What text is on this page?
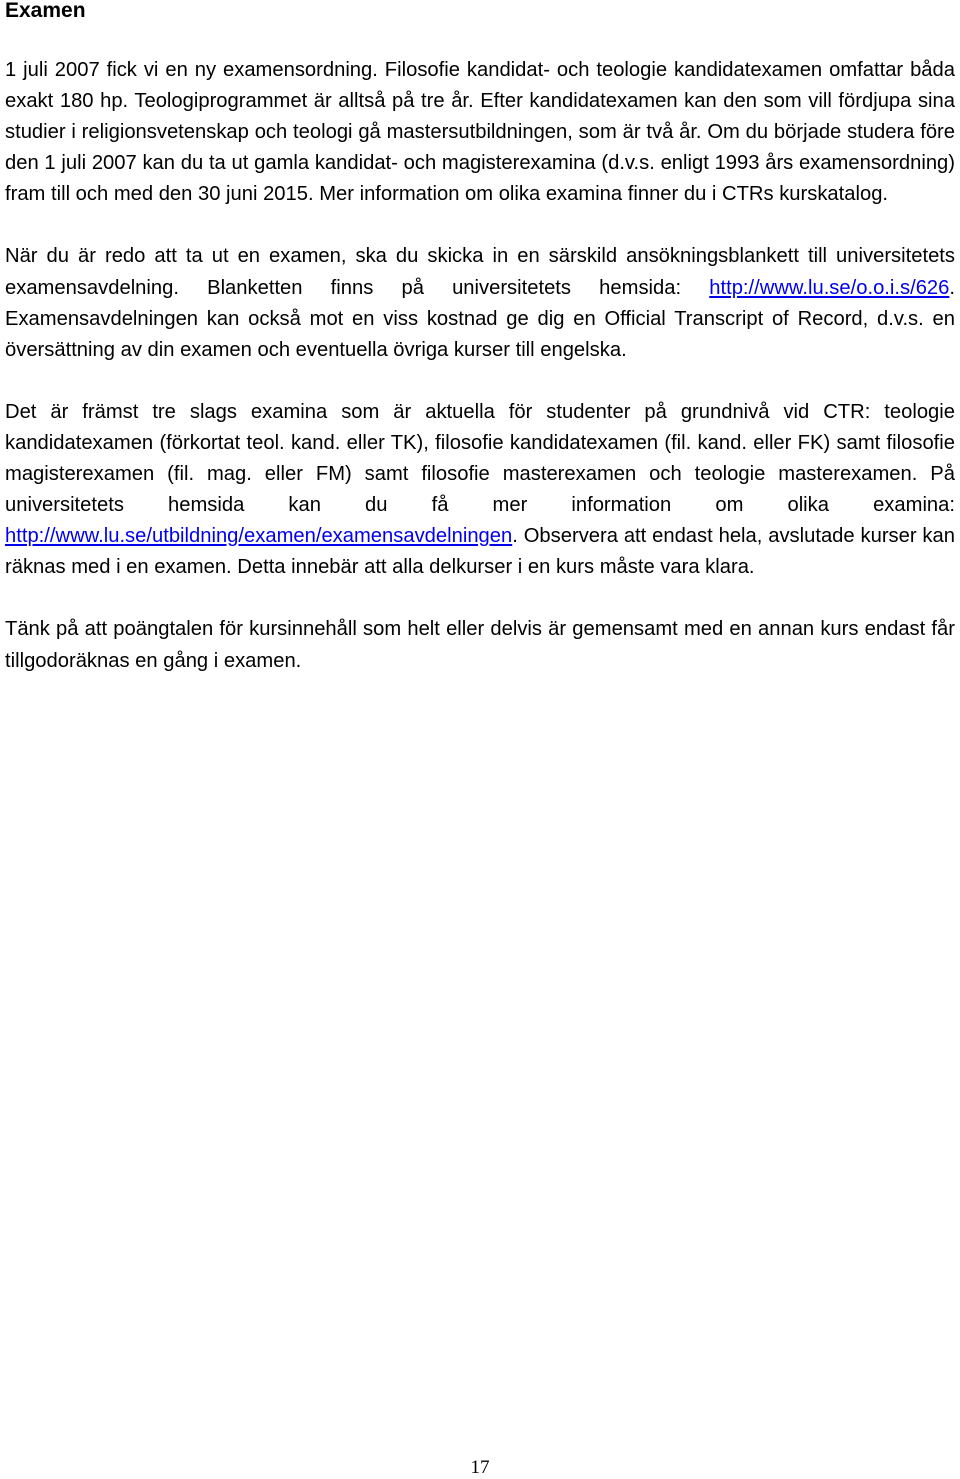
Examen

1 juli 2007 fick vi en ny examensordning. Filosofie kandidat- och teologie kandidatexamen omfattar båda exakt 180 hp. Teologiprogrammet är alltså på tre år. Efter kandidatexamen kan den som vill fördjupa sina studier i religionsvetenskap och teologi gå mastersutbildningen, som är två år. Om du började studera före den 1 juli 2007 kan du ta ut gamla kandidat- och magisterexamina (d.v.s. enligt 1993 års examensordning) fram till och med den 30 juni 2015. Mer information om olika examina finner du i CTRs kurskatalog.

När du är redo att ta ut en examen, ska du skicka in en särskild ansökningsblankett till universitetets examensavdelning. Blanketten finns på universitetets hemsida: http://www.lu.se/o.o.i.s/626. Examensavdelningen kan också mot en viss kostnad ge dig en Official Transcript of Record, d.v.s. en översättning av din examen och eventuella övriga kurser till engelska.

Det är främst tre slags examina som är aktuella för studenter på grundnivå vid CTR: teologie kandidatexamen (förkortat teol. kand. eller TK), filosofie kandidatexamen (fil. kand. eller FK) samt filosofie magisterexamen (fil. mag. eller FM) samt filosofie masterexamen och teologie masterexamen. På universitetets hemsida kan du få mer information om olika examina: http://www.lu.se/utbildning/examen/examensavdelningen. Observera att endast hela, avslutade kurser kan räknas med i en examen. Detta innebär att alla delkurser i en kurs måste vara klara.

Tänk på att poängtalen för kursinnehåll som helt eller delvis är gemensamt med en annan kurs endast får tillgodoräknas en gång i examen.

17
